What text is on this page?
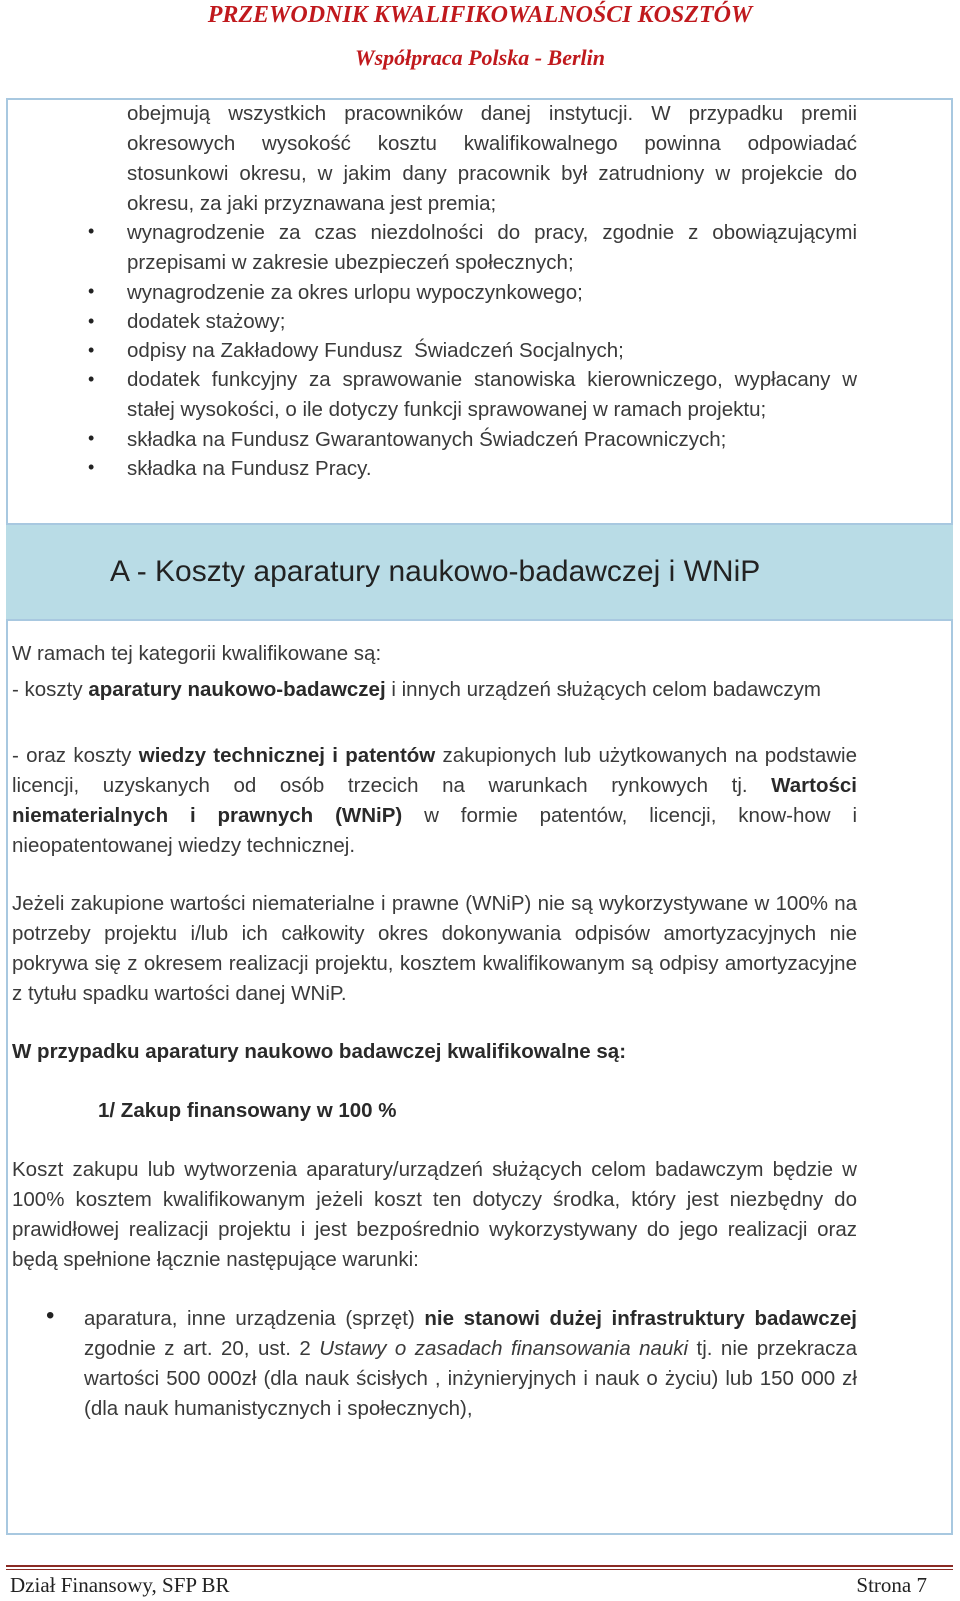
PRZEWODNIK KWALIFIKOWALNOŚCI KOSZTÓW
Współpraca Polska - Berlin
obejmują wszystkich pracowników danej instytucji. W przypadku premii okresowych wysokość kosztu kwalifikowalnego powinna odpowiadać stosunkowi okresu, w jakim dany pracownik był zatrudniony w projekcie do okresu, za jaki przyznawana jest premia;
• wynagrodzenie za czas niezdolności do pracy, zgodnie z obowiązującymi przepisami w zakresie ubezpieczeń społecznych;
• wynagrodzenie za okres urlopu wypoczynkowego;
• dodatek stażowy;
• odpisy na Zakładowy Fundusz  Świadczeń Socjalnych;
• dodatek funkcyjny za sprawowanie stanowiska kierowniczego, wypłacany w stałej wysokości, o ile dotyczy funkcji sprawowanej w ramach projektu;
• składka na Fundusz Gwarantowanych Świadczeń Pracowniczych;
• składka na Fundusz Pracy.
A - Koszty aparatury naukowo-badawczej i WNiP
W ramach tej kategorii kwalifikowane są:
- koszty aparatury naukowo-badawczej i innych urządzeń służących celom badawczym
- oraz koszty wiedzy technicznej i patentów zakupionych lub użytkowanych na podstawie licencji, uzyskanych od osób trzecich na warunkach rynkowych tj. Wartości niematerialnych i prawnych (WNiP) w formie patentów, licencji, know-how i nieopatentowanej wiedzy technicznej.
Jeżeli zakupione wartości niematerialne i prawne (WNiP) nie są wykorzystywane w 100% na potrzeby projektu i/lub ich całkowity okres dokonywania odpisów amortyzacyjnych nie pokrywa się z okresem realizacji projektu, kosztem kwalifikowanym są odpisy amortyzacyjne z tytułu spadku wartości danej WNiP.
W przypadku aparatury naukowo badawczej kwalifikowalne są:
1/ Zakup finansowany w 100 %
Koszt zakupu lub wytworzenia aparatury/urządzeń służących celom badawczym będzie w 100% kosztem kwalifikowanym jeżeli koszt ten dotyczy środka, który jest niezbędny do prawidłowej realizacji projektu i jest bezpośrednio wykorzystywany do jego realizacji oraz będą spełnione łącznie następujące warunki:
• aparatura, inne urządzenia (sprzęt) nie stanowi dużej infrastruktury badawczej zgodnie z art. 20, ust. 2 Ustawy o zasadach finansowania nauki tj. nie przekracza wartości 500 000zł (dla nauk ścisłych , inżynieryjnych i nauk o życiu) lub 150 000 zł (dla nauk humanistycznych i społecznych),
Dział Finansowy, SFP BR	Strona 7
